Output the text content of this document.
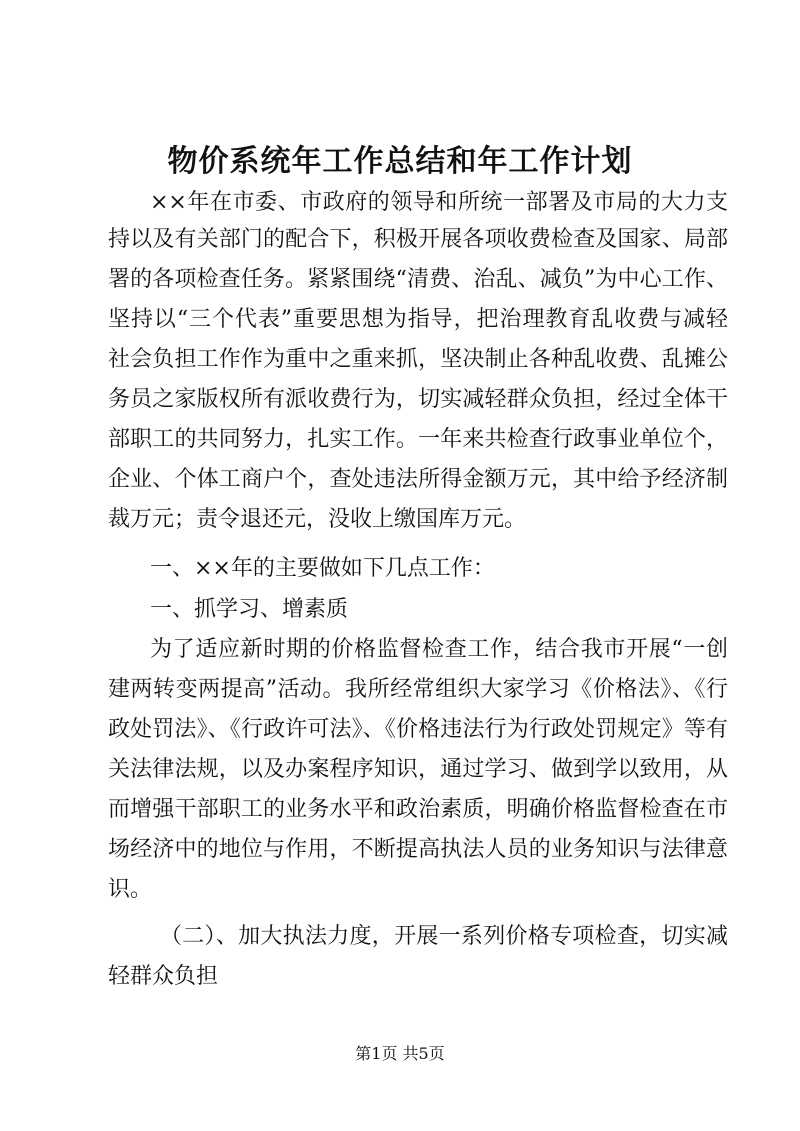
物价系统年工作总结和年工作计划

××年在市委、市政府的领导和所统一部署及市局的大力支

持以及有关部门的配合下，积极开展各项收费检查及国家、局部

署的各项检查任务。紧紧围绕“清费、治乱、减负”为中心工作、

坚持以“三个代表”重要思想为指导，把治理教育乱收费与减轻

社会负担工作作为重中之重来抓，坚决制止各种乱收费、乱摊公

务员之家版权所有派收费行为，切实减轻群众负担，经过全体干

部职工的共同努力，扎实工作。一年来共检查行政事业单位个，

企业、个体工商户个，查处违法所得金额万元，其中给予经济制

裁万元；责令退还元，没收上缴国库万元。

一、××年的主要做如下几点工作：

一、抓学习、增素质

为了适应新时期的价格监督检查工作，结合我市开展“一创

建两转变两提高”活动。我所经常组织大家学习《价格法》、《行

政处罚法》、《行政许可法》、《价格违法行为行政处罚规定》等有

关法律法规，以及办案程序知识，通过学习、做到学以致用，从

而增强干部职工的业务水平和政治素质，明确价格监督检查在市

场经济中的地位与作用，不断提高执法人员的业务知识与法律意

识。

（二）、加大执法力度，开展一系列价格专项检查，切实减

轻群众负担

第1页 共5页
